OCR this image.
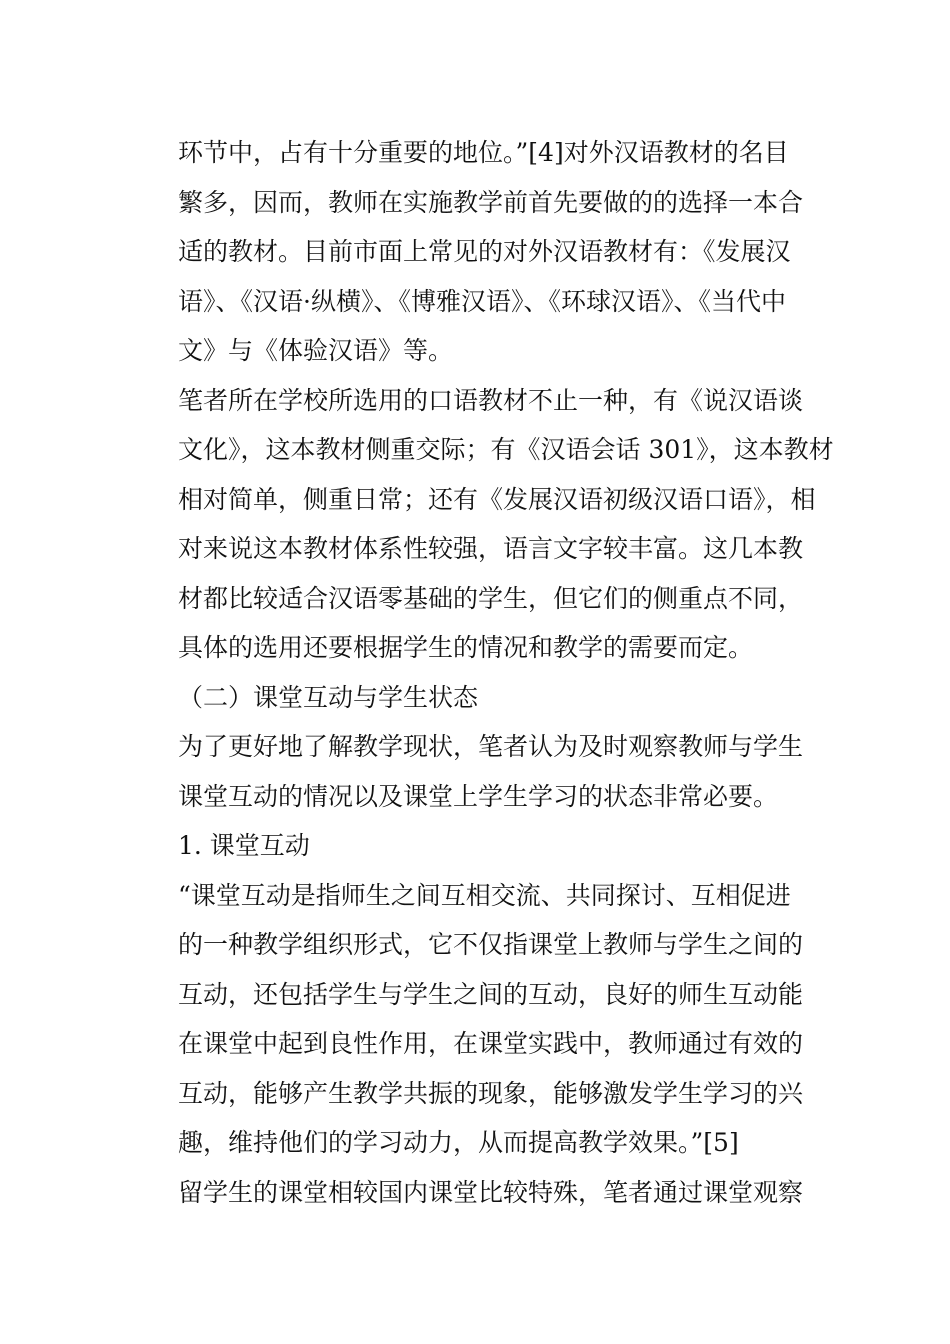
环节中，占有十分重要的地位。”[4]对外汉语教材的名目
繁多，因而，教师在实施教学前首先要做的的选择一本合
适的教材。目前市面上常见的对外汉语教材有：《发展汉
语》、《汉语·纵横》、《博雅汉语》、《环球汉语》、《当代中
文》与《体验汉语》等。
笔者所在学校所选用的口语教材不止一种，有《说汉语谈
文化》，这本教材侧重交际；有《汉语会话 301》，这本教材
相对简单，侧重日常；还有《发展汉语初级汉语口语》，相
对来说这本教材体系性较强，语言文字较丰富。这几本教
材都比较适合汉语零基础的学生，但它们的侧重点不同，
具体的选用还要根据学生的情况和教学的需要而定。
（二）课堂互动与学生状态
为了更好地了解教学现状，笔者认为及时观察教师与学生
课堂互动的情况以及课堂上学生学习的状态非常必要。
1. 课堂互动
“课堂互动是指师生之间互相交流、共同探讨、互相促进
的一种教学组织形式，它不仅指课堂上教师与学生之间的
互动，还包括学生与学生之间的互动，良好的师生互动能
在课堂中起到良性作用，在课堂实践中，教师通过有效的
互动，能够产生教学共振的现象，能够激发学生学习的兴
趣，维持他们的学习动力，从而提高教学效果。”[5]
留学生的课堂相较国内课堂比较特殊，笔者通过课堂观察
